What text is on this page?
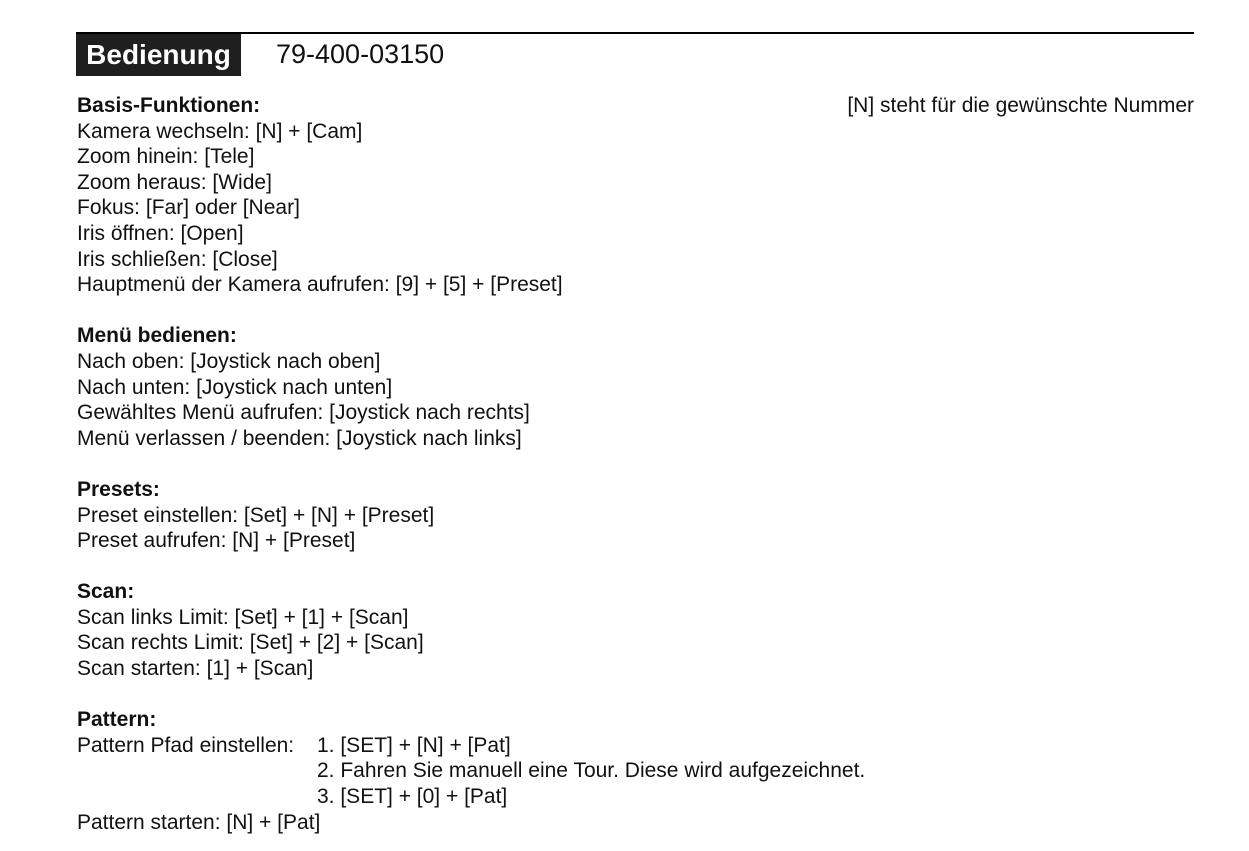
Bedienung	79-400-03150
[N] steht für die gewünschte Nummer
Basis-Funktionen:
Kamera wechseln: [N] + [Cam]
Zoom hinein: [Tele]
Zoom heraus: [Wide]
Fokus: [Far] oder [Near]
Iris öffnen: [Open]
Iris schließen: [Close]
Hauptmenü der Kamera aufrufen: [9] + [5] + [Preset]
Menü bedienen:
Nach oben: [Joystick nach oben]
Nach unten: [Joystick nach unten]
Gewähltes Menü aufrufen: [Joystick nach rechts]
Menü verlassen / beenden: [Joystick nach links]
Presets:
Preset einstellen: [Set] + [N] + [Preset]
Preset aufrufen: [N] + [Preset]
Scan:
Scan links Limit: [Set] + [1] + [Scan]
Scan rechts Limit: [Set] + [2] + [Scan]
Scan starten: [1] + [Scan]
Pattern:
Pattern Pfad einstellen:	1. [SET] + [N] + [Pat]
2. Fahren Sie manuell eine Tour. Diese wird aufgezeichnet.
3. [SET] + [0] + [Pat]
Pattern starten: [N] + [Pat]
